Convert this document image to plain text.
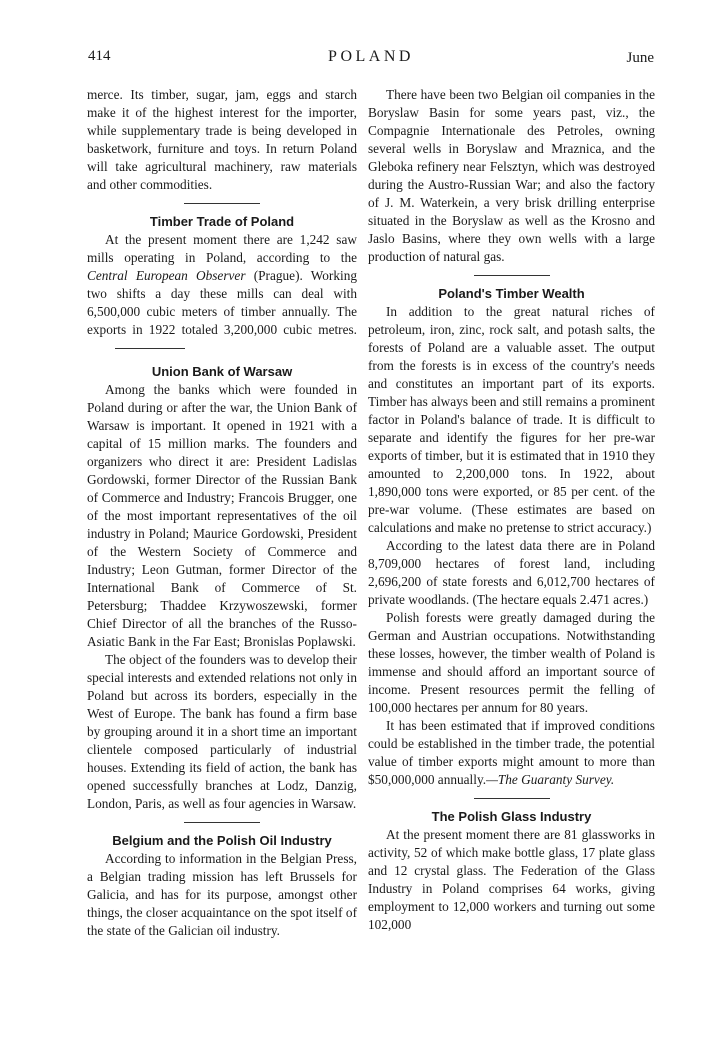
414	POLAND	June

merce. Its timber, sugar, jam, eggs and starch make it of the highest interest for the importer, while supplementary trade is being developed in basketwork, furniture and toys. In return Poland will take agricultural machinery, raw materials and other commodities.

Timber Trade of Poland

At the present moment there are 1,242 saw mills operating in Poland, according to the Central European Observer (Prague). Working two shifts a day these mills can deal with 6,500,000 cubic meters of timber annually. The exports in 1922 totaled 3,200,000 cubic metres.

Union Bank of Warsaw

Among the banks which were founded in Poland during or after the war, the Union Bank of Warsaw is important. It opened in 1921 with a capital of 15 million marks. The founders and organizers who direct it are: President Ladislas Gordowski, former Director of the Russian Bank of Commerce and Industry; Francois Brugger, one of the most important representatives of the oil industry in Poland; Maurice Gordowski, President of the Western Society of Commerce and Industry; Leon Gutman, former Director of the International Bank of Commerce of St. Petersburg; Thaddee Krzywoszewski, former Chief Director of all the branches of the Russo-Asiatic Bank in the Far East; Bronislas Poplawski.

The object of the founders was to develop their special interests and extended relations not only in Poland but across its borders, especially in the West of Europe. The bank has found a firm base by grouping around it in a short time an important clientele composed particularly of industrial houses. Extending its field of action, the bank has opened successfully branches at Lodz, Danzig, London, Paris, as well as four agencies in Warsaw.

Belgium and the Polish Oil Industry

According to information in the Belgian Press, a Belgian trading mission has left Brussels for Galicia, and has for its purpose, amongst other things, the closer acquaintance on the spot itself of the state of the Galician oil industry.

There have been two Belgian oil companies in the Boryslaw Basin for some years past, viz., the Compagnie Internationale des Petroles, owning several wells in Boryslaw and Mraznica, and the Gleboka refinery near Felsztyn, which was destroyed during the Austro-Russian War; and also the factory of J. M. Waterkein, a very brisk drilling enterprise situated in the Boryslaw as well as the Krosno and Jaslo Basins, where they own wells with a large production of natural gas.

Poland's Timber Wealth

In addition to the great natural riches of petroleum, iron, zinc, rock salt, and potash salts, the forests of Poland are a valuable asset. The output from the forests is in excess of the country's needs and constitutes an important part of its exports. Timber has always been and still remains a prominent factor in Poland's balance of trade. It is difficult to separate and identify the figures for her pre-war exports of timber, but it is estimated that in 1910 they amounted to 2,200,000 tons. In 1922, about 1,890,000 tons were exported, or 85 per cent. of the pre-war volume. (These estimates are based on calculations and make no pretense to strict accuracy.)

According to the latest data there are in Poland 8,709,000 hectares of forest land, including 2,696,200 of state forests and 6,012,700 hectares of private woodlands. (The hectare equals 2.471 acres.)

Polish forests were greatly damaged during the German and Austrian occupations. Notwithstanding these losses, however, the timber wealth of Poland is immense and should afford an important source of income. Present resources permit the felling of 100,000 hectares per annum for 80 years.

It has been estimated that if improved conditions could be established in the timber trade, the potential value of timber exports might amount to more than $50,000,000 annually.—The Guaranty Survey.

The Polish Glass Industry

At the present moment there are 81 glassworks in activity, 52 of which make bottle glass, 17 plate glass and 12 crystal glass. The Federation of the Glass Industry in Poland comprises 64 works, giving employment to 12,000 workers and turning out some 102,000
